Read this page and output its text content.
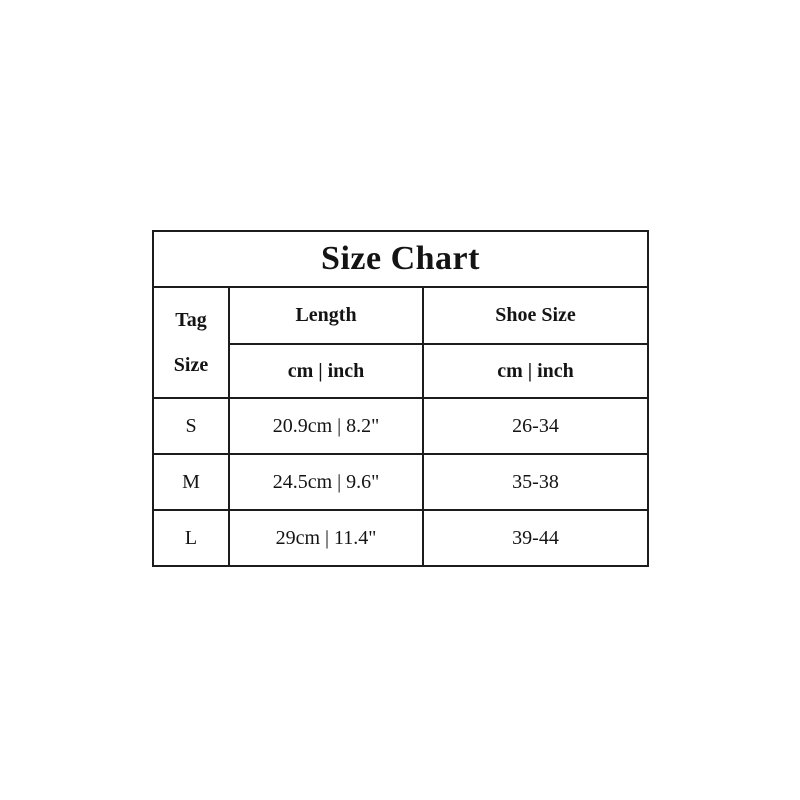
Size Chart		

Tag
Size	Length	Shoe Size
	cm | inch	cm | inch
S	20.9cm | 8.2"	26-34
M	24.5cm | 9.6"	35-38
L	29cm | 11.4"	39-44
